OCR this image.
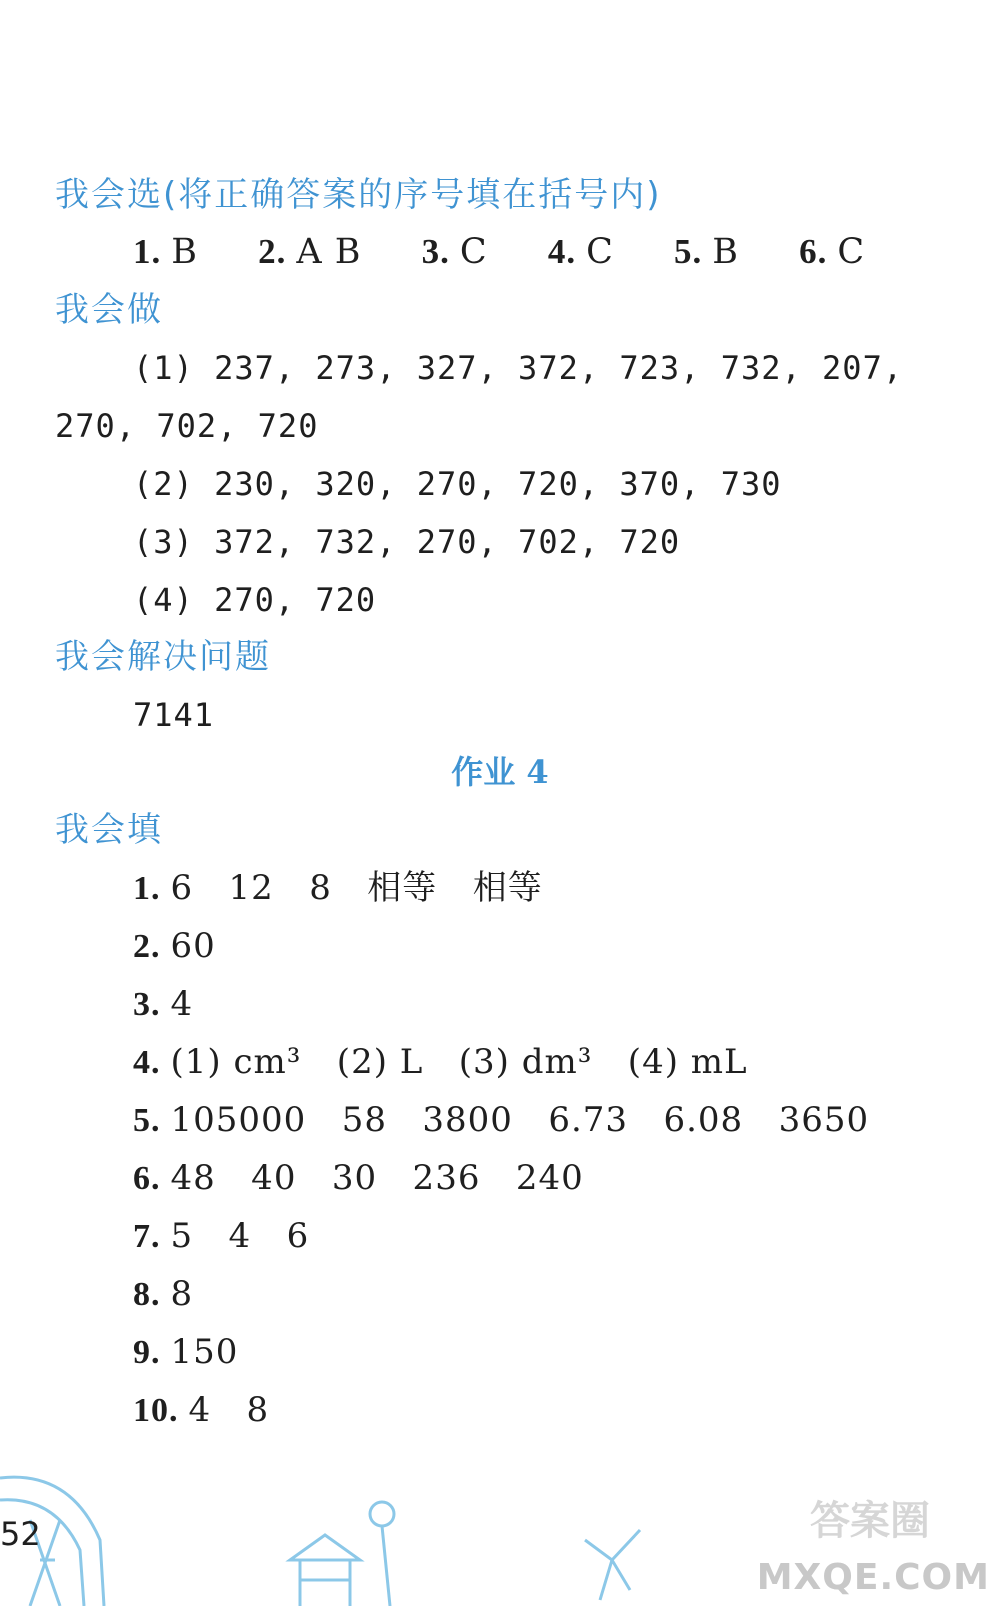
我会选(将正确答案的序号填在括号内)
1. B 2. A B 3. C 4. C 5. B 6. C
我会做
(1) 237, 273, 327, 372, 723, 732, 207,
270, 702, 720
(2) 230, 320, 270, 720, 370, 730
(3) 372, 732, 270, 702, 720
(4) 270, 720
我会解决问题
7141
作业 4
我会填
1. 6   12   8   相等   相等
2. 60
3. 4
4. (1) cm³   (2) L   (3) dm³   (4) mL
5. 105000   58   3800   6.73   6.08   3650
6. 48   40   30   236   240
7. 5   4   6
8. 8
9. 150
10. 4   8
52	答案圈
MXQE.COM
